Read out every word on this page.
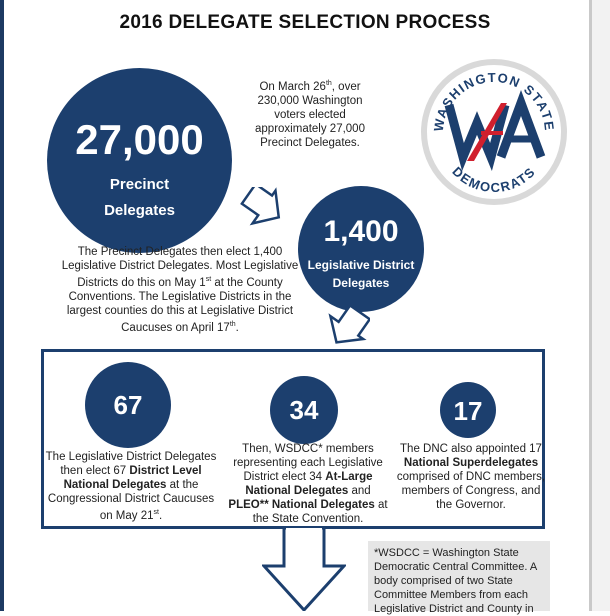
2016 DELEGATE SELECTION PROCESS
WASHINGTON STATE
DEMOCRATS
27,000
Precinct
Delegates
On March 26th, over 230,000 Washington voters elected approximately 27,000 Precinct Delegates.
1,400
Legislative District
Delegates
The Precinct Delegates then elect 1,400 Legislative District Delegates. Most Legislative Districts do this on May 1st at the County Conventions. The Legislative Districts in the largest counties do this at Legislative District Caucuses on April 17th.
67
The Legislative District Delegates then elect 67 District Level National Delegates at the Congressional District Caucuses on May 21st.
34
Then, WSDCC* members representing each Legislative District elect 34 At-Large National Delegates and PLEO** National Delegates at the State Convention.
17
The DNC also appointed 17 National Superdelegates comprised of DNC members, members of Congress, and the Governor.
*WSDCC = Washington State
Democratic Central Committee. A
body comprised of two State
Committee Members from each
Legislative District and County in
